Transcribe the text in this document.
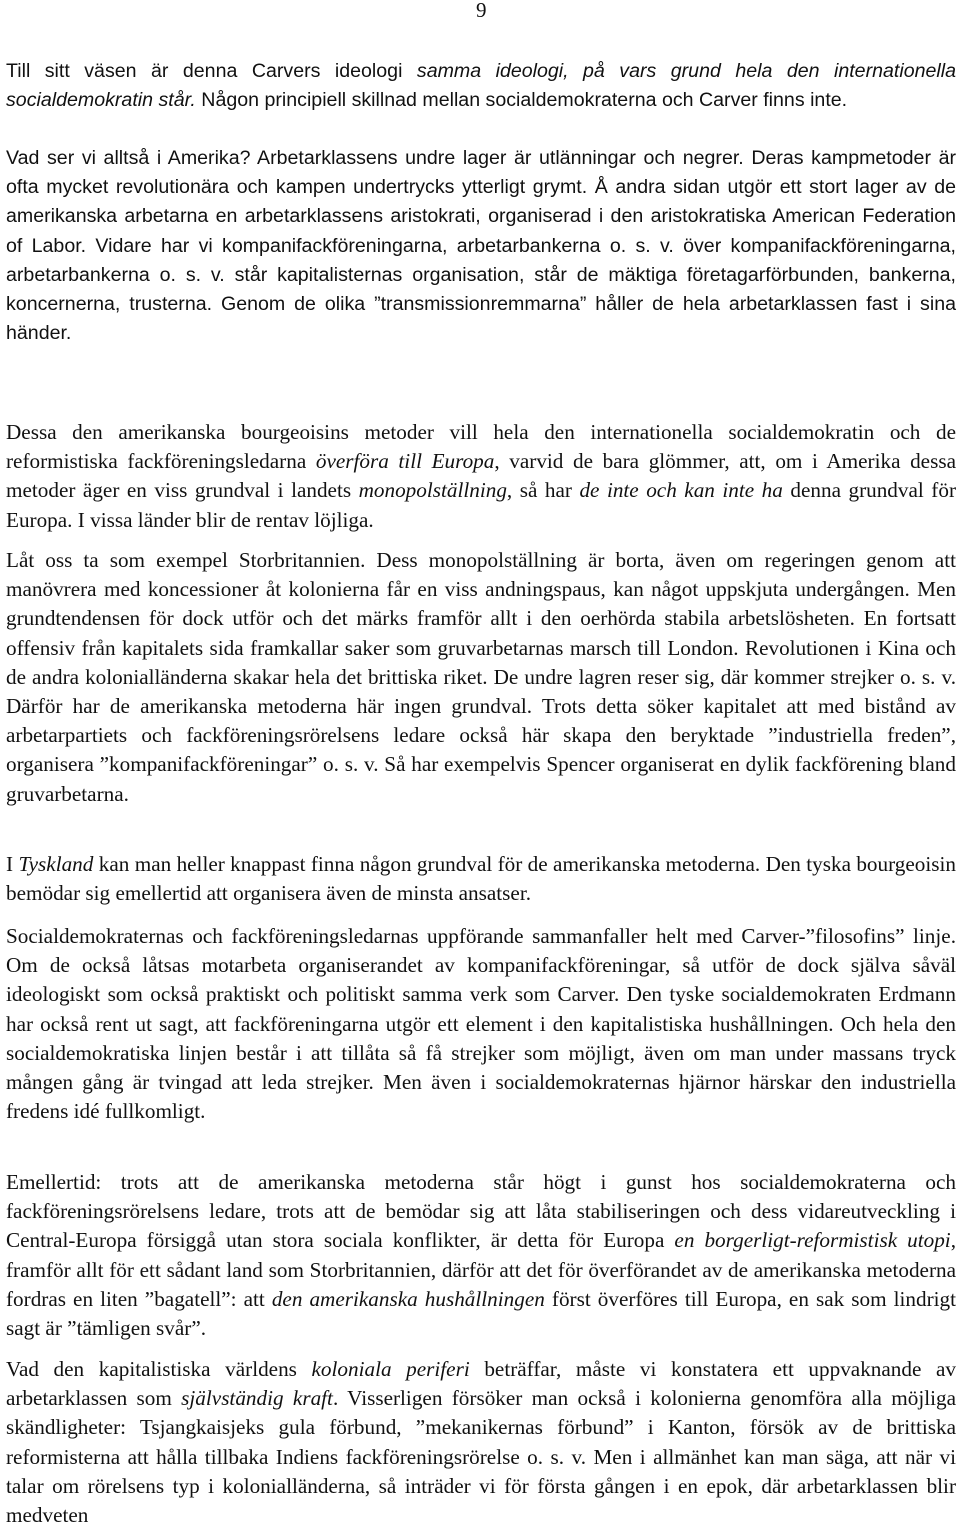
9

Till sitt väsen är denna Carvers ideologi samma ideologi, på vars grund hela den internationella socialdemokratin står. Någon principiell skillnad mellan socialdemokraterna och Carver finns inte.

Vad ser vi alltså i Amerika? Arbetarklassens undre lager är utlänningar och negrer. Deras kampmetoder är ofta mycket revolutionära och kampen undertrycks ytterligt grymt. Å andra sidan utgör ett stort lager av de amerikanska arbetarna en arbetarklassens aristokrati, organiserad i den aristokratiska American Federation of Labor. Vidare har vi kompanifackföreningarna, arbetarbankerna o. s. v. över kompanifackföreningarna, arbetarbankerna o. s. v. står kapitalisternas organisation, står de mäktiga företagarförbunden, bankerna, koncernerna, trusterna. Genom de olika ”transmissionremmarna” håller de hela arbetarklassen fast i sina händer.

Dessa den amerikanska bourgeoisins metoder vill hela den internationella socialdemokratin och de reformistiska fackföreningsledarna överföra till Europa, varvid de bara glömmer, att, om i Amerika dessa metoder äger en viss grundval i landets monopolställning, så har de inte och kan inte ha denna grundval för Europa. I vissa länder blir de rentav löjliga.

Låt oss ta som exempel Storbritannien. Dess monopolställning är borta, även om regeringen genom att manövrera med koncessioner åt kolonierna får en viss andningspaus, kan något uppskjuta undergången. Men grundtendensen för dock utför och det märks framför allt i den oerhörda stabila arbetslösheten. En fortsatt offensiv från kapitalets sida framkallar saker som gruvarbetarnas marsch till London. Revolutionen i Kina och de andra kolonialländerna skakar hela det brittiska riket. De undre lagren reser sig, där kommer strejker o. s. v. Därför har de amerikanska metoderna här ingen grundval. Trots detta söker kapitalet att med bistånd av arbetarpartiets och fackföreningsrörelsens ledare också här skapa den beryktade ”industriella freden”, organisera ”kompanifackföreningar” o. s. v. Så har exempelvis Spencer organiserat en dylik fackförening bland gruvarbetarna.

I Tyskland kan man heller knappast finna någon grundval för de amerikanska metoderna. Den tyska bourgeoisin bemödar sig emellertid att organisera även de minsta ansatser.

Socialdemokraternas och fackföreningsledarnas uppförande sammanfaller helt med Carver-”filosofins” linje. Om de också låtsas motarbeta organiserandet av kompanifackföreningar, så utför de dock själva såväl ideologiskt som också praktiskt och politiskt samma verk som Carver. Den tyske socialdemokraten Erdmann har också rent ut sagt, att fackföreningarna utgör ett element i den kapitalistiska hushållningen. Och hela den socialdemokratiska linjen består i att tillåta så få strejker som möjligt, även om man under massans tryck mången gång är tvingad att leda strejker. Men även i socialdemokraternas hjärnor härskar den industriella fredens idé fullkomligt.

Emellertid: trots att de amerikanska metoderna står högt i gunst hos socialdemokraterna och fackföreningsrörelsens ledare, trots att de bemödar sig att låta stabiliseringen och dess vidareutveckling i Central-Europa försiggå utan stora sociala konflikter, är detta för Europa en borgerligt-reformistisk utopi, framför allt för ett sådant land som Storbritannien, därför att det för överförandet av de amerikanska metoderna fordras en liten ”bagatell”: att den amerikanska hushållningen först överföres till Europa, en sak som lindrigt sagt är ”tämligen svår”.

Vad den kapitalistiska världens koloniala periferi beträffar, måste vi konstatera ett uppvaknande av arbetarklassen som självständig kraft. Visserligen försöker man också i kolonierna genomföra alla möjliga skändligheter: Tsjangkaisjeks gula förbund, ”mekanikernas förbund” i Kanton, försök av de brittiska reformisterna att hålla tillbaka Indiens fackföreningsrörelse o. s. v. Men i allmänhet kan man säga, att när vi talar om rörelsens typ i kolonialländerna, så inträder vi för första gången i en epok, där arbetarklassen blir medveten
